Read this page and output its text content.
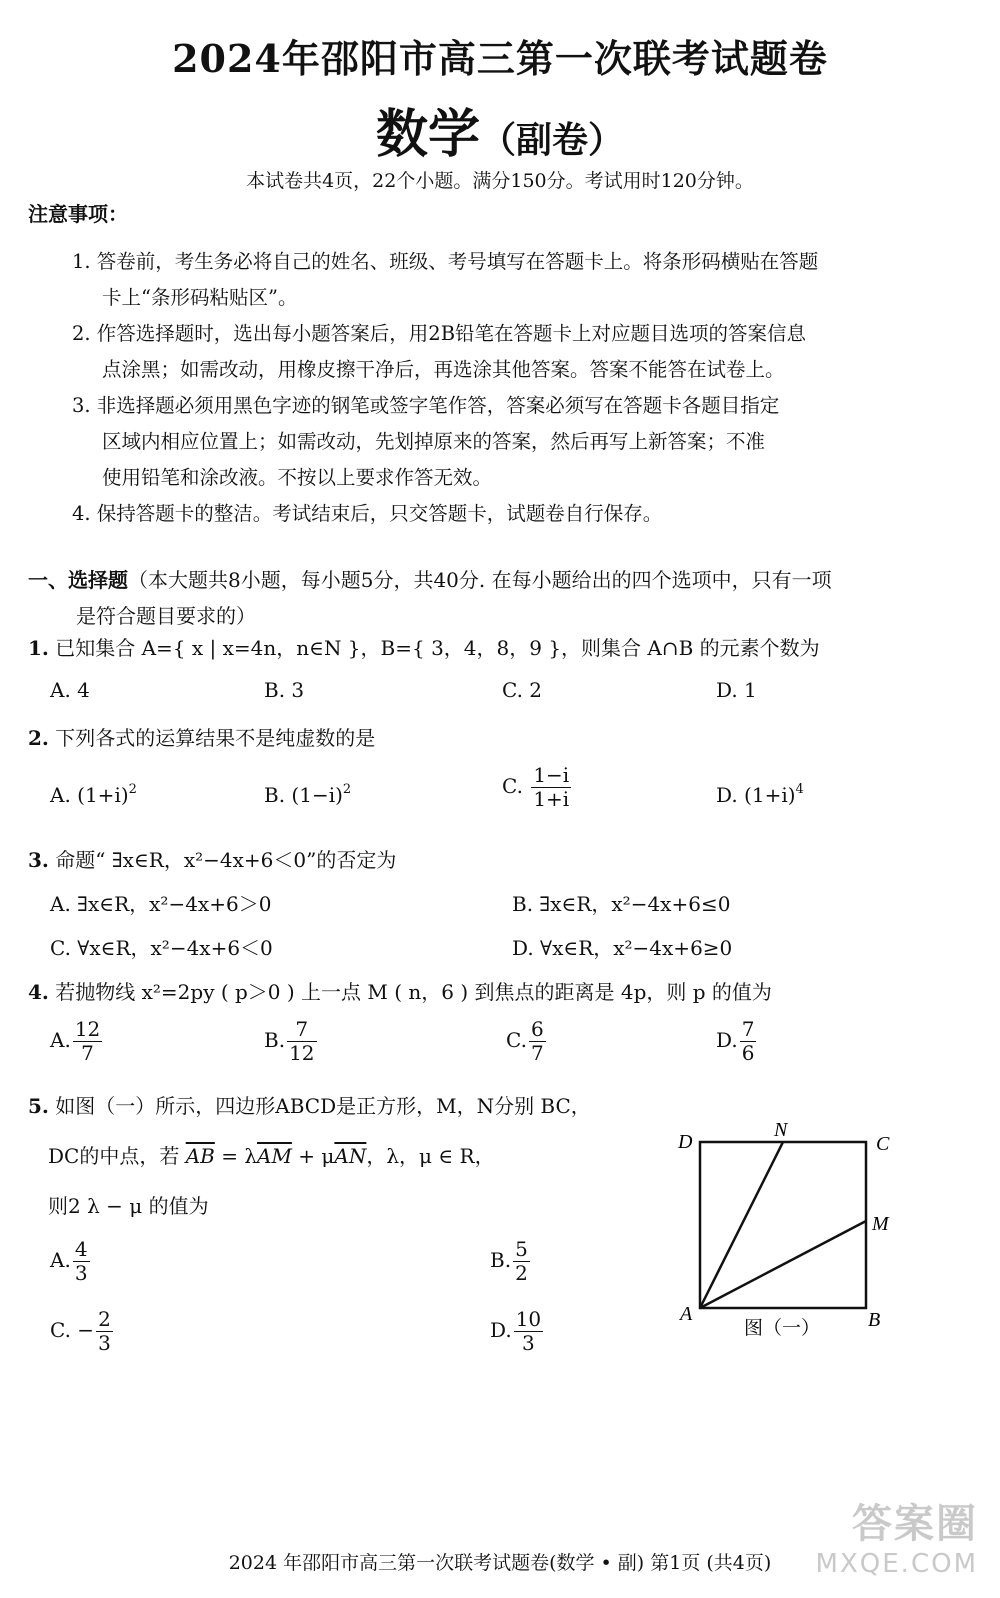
2024年邵阳市高三第一次联考试题卷
数学（副卷）
本试卷共4页，22个小题。满分150分。考试用时120分钟。
注意事项：
1. 答卷前，考生务必将自己的姓名、班级、考号填写在答题卡上。将条形码横贴在答题
卡上“条形码粘贴区”。
2. 作答选择题时，选出每小题答案后，用2B铅笔在答题卡上对应题目选项的答案信息
点涂黑；如需改动，用橡皮擦干净后，再选涂其他答案。答案不能答在试卷上。
3. 非选择题必须用黑色字迹的钢笔或签字笔作答，答案必须写在答题卡各题目指定
区域内相应位置上；如需改动，先划掉原来的答案，然后再写上新答案；不准
使用铅笔和涂改液。不按以上要求作答无效。
4. 保持答题卡的整洁。考试结束后，只交答题卡，试题卷自行保存。
一、选择题（本大题共8小题，每小题5分，共40分. 在每小题给出的四个选项中，只有一项
是符合题目要求的）
1. 已知集合 A={ x | x=4n，n∈N }，B={ 3，4，8，9 }，则集合 A∩B 的元素个数为
A. 4	B. 3	C. 2	D. 1
2. 下列各式的运算结果不是纯虚数的是
A. $(1+i)^2$	B. $(1-i)^2$	C. $\frac{1-i}{1+i}$	D. $(1+i)^4$
3. 命题“ ∃x∈R，x²−4x+6＜0”的否定为
A. ∃x∈R，x²−4x+6＞0	B. ∃x∈R，x²−4x+6≤0
C. ∀x∈R，x²−4x+6＜0	D. ∀x∈R，x²−4x+6≥0
4. 若抛物线 x²=2py ( p＞0 ) 上一点 M ( n，6 ) 到焦点的距离是 4p，则 p 的值为
A. $\frac{12}{7}$	B. $\frac{7}{12}$	C. $\frac{6}{7}$	D. $\frac{7}{6}$
5. 如图（一）所示，四边形ABCD是正方形，M，N分别 BC，
DC的中点，若 $\overline{AB} = \lambda\overline{AM} + \mu\overline{AN}$，λ，μ ∈ R，
则2 λ − μ 的值为
A. $\frac{4}{3}$	B. $\frac{5}{2}$
C. − $\frac{2}{3}$	D. $\frac{10}{3}$
D
N
C
M
A	B
图（一）
2024 年邵阳市高三第一次联考试题卷(数学 • 副) 第1页 (共4页)
答案圈
MXQE.COM
